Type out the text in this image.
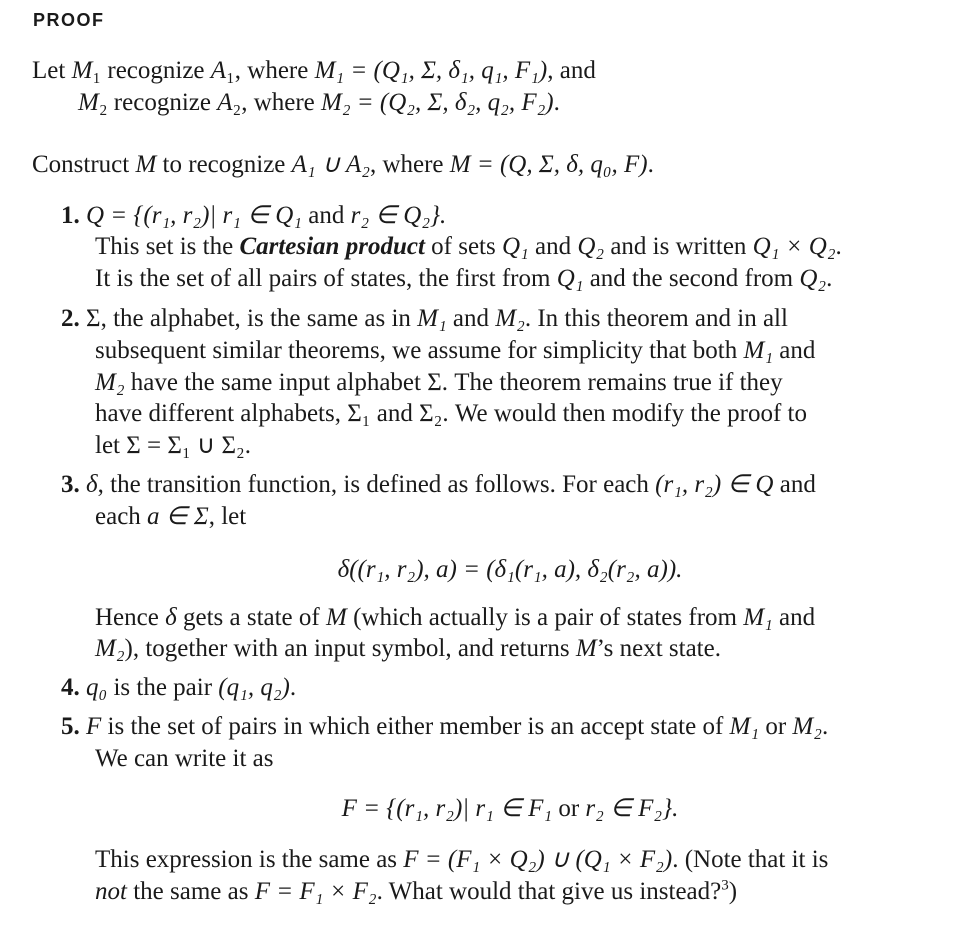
PROOF
Let M₁ recognize A₁, where M₁ = (Q₁, Σ, δ₁, q₁, F₁), and
M₂ recognize A₂, where M₂ = (Q₂, Σ, δ₂, q₂, F₂).
Construct M to recognize A₁ ∪ A₂, where M = (Q, Σ, δ, q₀, F).
1. Q = {(r₁, r₂)| r₁ ∈ Q₁ and r₂ ∈ Q₂}.
This set is the Cartesian product of sets Q₁ and Q₂ and is written Q₁ × Q₂.
It is the set of all pairs of states, the first from Q₁ and the second from Q₂.
2. Σ, the alphabet, is the same as in M₁ and M₂. In this theorem and in all
subsequent similar theorems, we assume for simplicity that both M₁ and
M₂ have the same input alphabet Σ. The theorem remains true if they
have different alphabets, Σ₁ and Σ₂. We would then modify the proof to
let Σ = Σ₁ ∪ Σ₂.
3. δ, the transition function, is defined as follows. For each (r₁, r₂) ∈ Q and
each a ∈ Σ, let
δ((r₁, r₂), a) = (δ₁(r₁, a), δ₂(r₂, a)).
Hence δ gets a state of M (which actually is a pair of states from M₁ and
M₂), together with an input symbol, and returns M’s next state.
4. q₀ is the pair (q₁, q₂).
5. F is the set of pairs in which either member is an accept state of M₁ or M₂.
We can write it as
F = {(r₁, r₂)| r₁ ∈ F₁ or r₂ ∈ F₂}.
This expression is the same as F = (F₁ × Q₂) ∪ (Q₁ × F₂). (Note that it is
not the same as F = F₁ × F₂. What would that give us instead?$^3$)
